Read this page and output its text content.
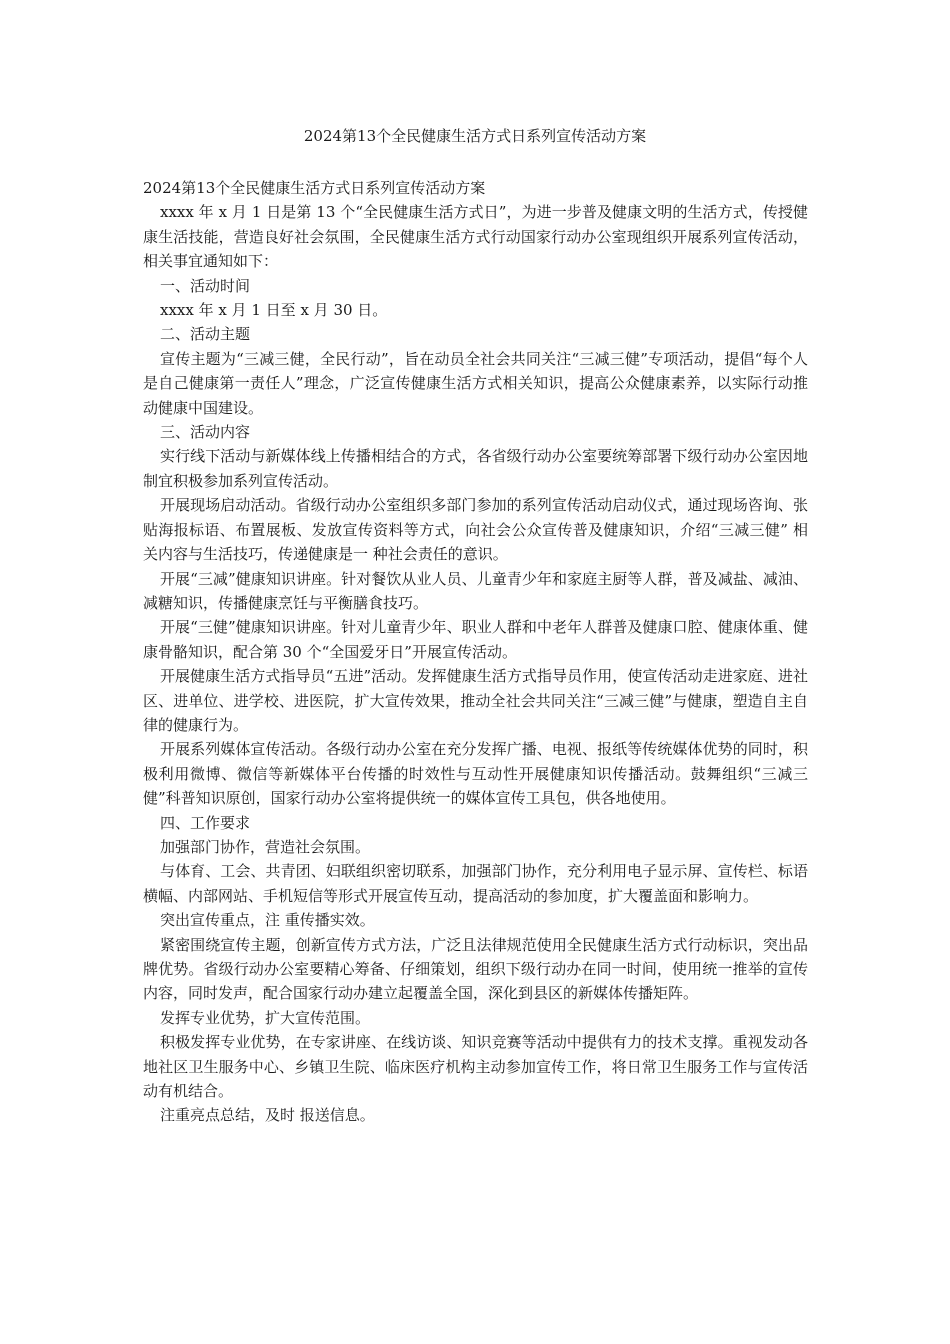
2024第13个全民健康生活方式日系列宣传活动方案

2024第13个全民健康生活方式日系列宣传活动方案

xxxx 年 x 月 1 日是第 13 个“全民健康生活方式日”，为进一步普及健康文明的生活方式，传授健康生活技能，营造良好社会氛围，全民健康生活方式行动国家行动办公室现组织开展系列宣传活动，相关事宜通知如下：

一、活动时间

xxxx 年 x 月 1 日至 x 月 30 日。

二、活动主题

宣传主题为“三减三健，全民行动”，旨在动员全社会共同关注“三减三健”专项活动，提倡“每个人是自己健康第一责任人”理念，广泛宣传健康生活方式相关知识，提高公众健康素养，以实际行动推动健康中国建设。

三、活动内容

实行线下活动与新媒体线上传播相结合的方式，各省级行动办公室要统筹部署下级行动办公室因地制宜积极参加系列宣传活动。

开展现场启动活动。省级行动办公室组织多部门参加的系列宣传活动启动仪式，通过现场咨询、张贴海报标语、布置展板、发放宣传资料等方式，向社会公众宣传普及健康知识，介绍“三减三健” 相关内容与生活技巧，传递健康是一 种社会责任的意识。

开展“三减”健康知识讲座。针对餐饮从业人员、儿童青少年和家庭主厨等人群，普及减盐、减油、减糖知识，传播健康烹饪与平衡膳食技巧。

开展“三健”健康知识讲座。针对儿童青少年、职业人群和中老年人群普及健康口腔、健康体重、健康骨骼知识，配合第 30 个“全国爱牙日”开展宣传活动。

开展健康生活方式指导员“五进”活动。发挥健康生活方式指导员作用，使宣传活动走进家庭、进社区、进单位、进学校、进医院，扩大宣传效果，推动全社会共同关注“三减三健”与健康，塑造自主自 律的健康行为。

开展系列媒体宣传活动。各级行动办公室在充分发挥广播、电视、报纸等传统媒体优势的同时，积极利用微博、微信等新媒体平台传播的时效性与互动性开展健康知识传播活动。鼓舞组织“三减三健”科普知识原创，国家行动办公室将提供统一的媒体宣传工具包，供各地使用。

四、工作要求

加强部门协作，营造社会氛围。

与体育、工会、共青团、妇联组织密切联系，加强部门协作，充分利用电子显示屏、宣传栏、标语横幅、内部网站、手机短信等形式开展宣传互动，提高活动的参加度，扩大覆盖面和影响力。

突出宣传重点，注 重传播实效。

紧密围绕宣传主题，创新宣传方式方法，广泛且法律规范使用全民健康生活方式行动标识，突出品牌优势。省级行动办公室要精心筹备、仔细策划，组织下级行动办在同一时间，使用统一推举的宣传内容，同时发声，配合国家行动办建立起覆盖全国，深化到县区的新媒体传播矩阵。

发挥专业优势，扩大宣传范围。

积极发挥专业优势，在专家讲座、在线访谈、知识竞赛等活动中提供有力的技术支撑。重视发动各地社区卫生服务中心、乡镇卫生院、临床医疗机构主动参加宣传工作，将日常卫生服务工作与宣传活动有机结合。

注重亮点总结，及时 报送信息。
